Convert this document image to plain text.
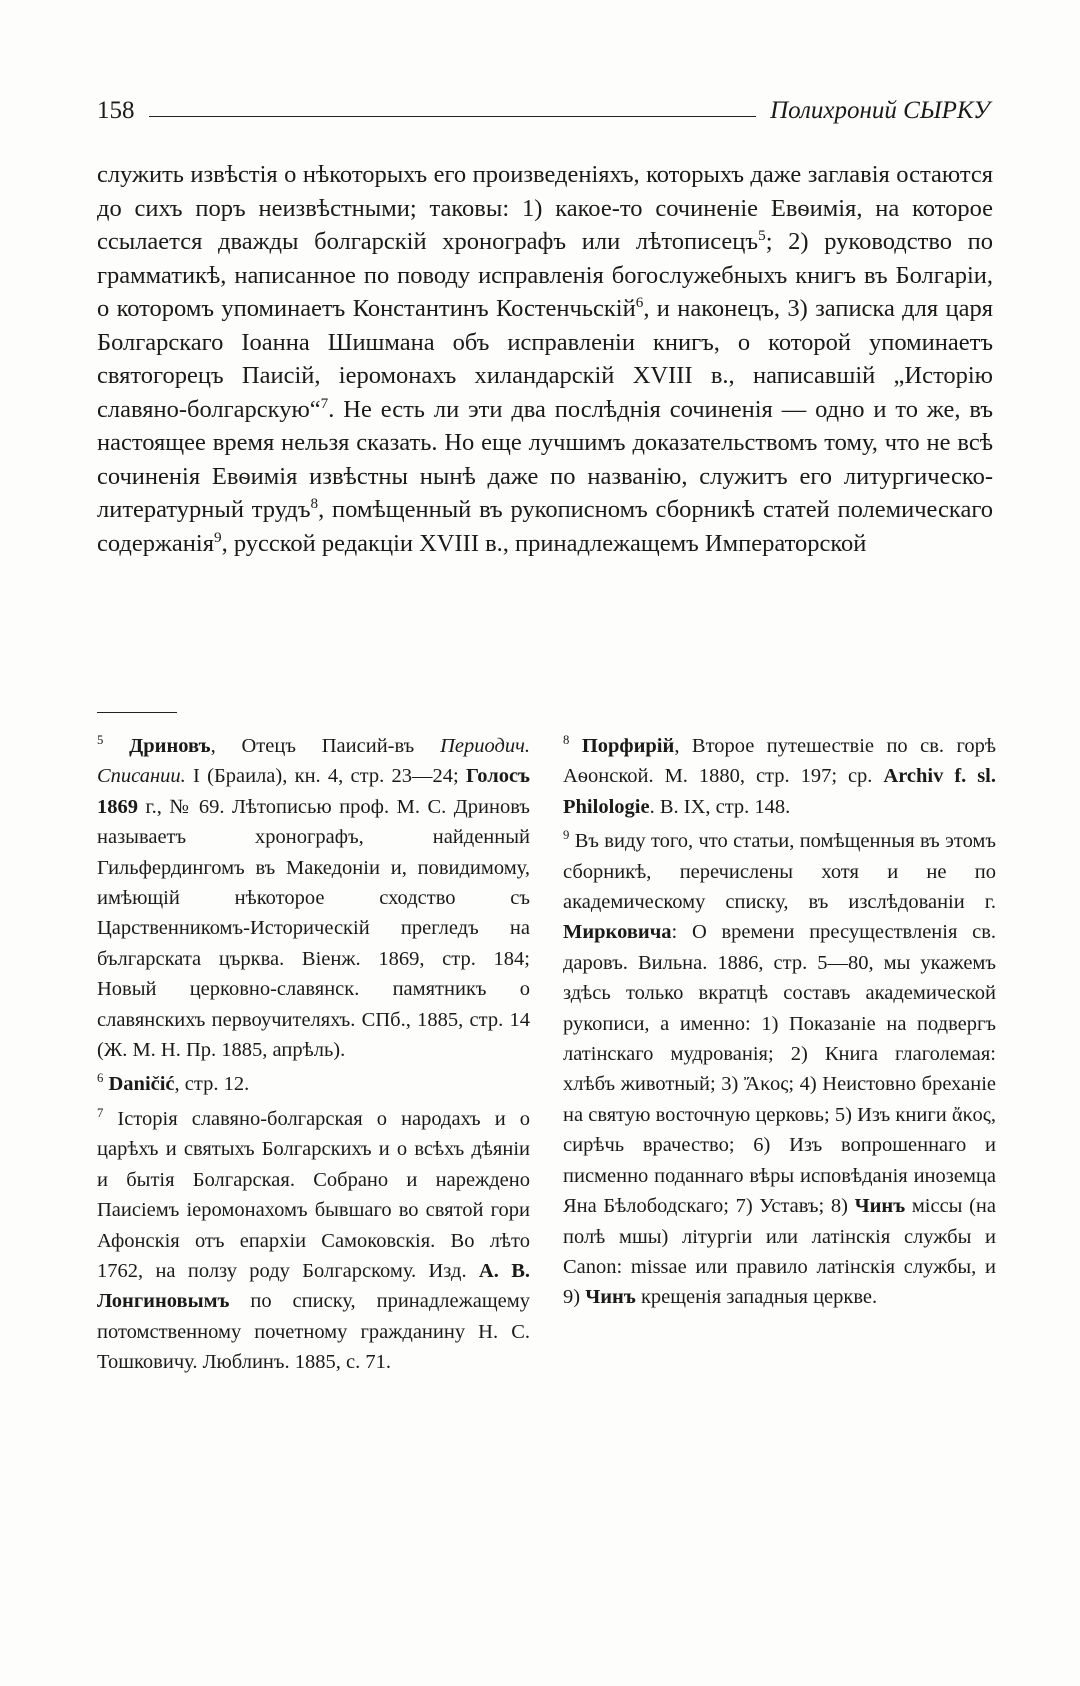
158	Полихроний СЫРКУ

служить извѣстія о нѣкоторыхъ его произведеніяхъ, которыхъ даже заглавія остаются до сихъ поръ неизвѣстными; таковы: 1) какое-то сочиненіе Евѳимія, на которое ссылается дважды болгарскій хронографъ или лѣтописецъ$^5$; 2) руководство по грамматикѣ, написанное по поводу исправленія богослужебныхъ книгъ въ Болгаріи, о которомъ упоминаетъ Константинъ Костенчьскій$^6$, и наконецъ, 3) записка для царя Болгарскаго Іоанна Шишмана объ исправленіи книгъ, о которой упоминаетъ святогорецъ Паисій, іеромонахъ хиландарскій XVIII в., написавшій „Исторію славяно-болгарскую“$^7$. Не есть ли эти два послѣднія сочиненія — одно и то же, въ настоящее время нельзя сказать. Но еще лучшимъ доказательствомъ тому, что не всѣ сочиненія Евѳимія извѣстны нынѣ даже по названію, служитъ его литургическо-литературный трудъ$^8$, помѣщенный въ рукописномъ сборникѣ статей полемическаго содержанія$^9$, русской редакціи XVIII в., принадлежащемъ Императорской

$^5$ Дриновъ, Отецъ Паисий-въ Периодич. Списании. I (Браила), кн. 4, стр. 23—24; Голосъ 1869 г., № 69. Лѣтописью проф. М. С. Дриновъ называетъ хронографъ, найденный Гильфердингомъ въ Македоніи и, повидимому, имѣющій нѣкоторое сходство съ Царственникомъ-Историческій прегледъ на българската църква. Віенж. 1869, стр. 184; Новый церковно-славянск. памятникъ о славянскихъ первоучителяхъ. СПб., 1885, стр. 14 (Ж. М. Н. Пр. 1885, апрѣль).

$^6$ Daničić, стр. 12.

$^7$ Історія славяно-болгарская о народахъ и о царѣхъ и святыхъ Болгарскихъ и о всѣхъ дѣяніи и бытія Болгарская. Собрано и нареждено Паисіемъ іеромонахомъ бывшаго во святой гори Афонскія отъ епархіи Самоковскія. Во лѣто 1762, на ползу роду Болгарскому. Изд. А. В. Лонгиновымъ по списку, принадлежащему потомственному почетному гражданину Н. С. Тошковичу. Люблинъ. 1885, с. 71.

$^8$ Порфирій, Второе путешествіе по св. горѣ Аѳонской. М. 1880, стр. 197; ср. Archiv f. sl. Philologie. В. IX, стр. 148.

$^9$ Въ виду того, что статьи, помѣщенныя въ этомъ сборникѣ, перечислены хотя и не по академическому списку, въ изслѣдованіи г. Мирковича: О времени пресуществленія св. даровъ. Вильна. 1886, стр. 5—80, мы укажемъ здѣсь только вкратцѣ составъ академической рукописи, а именно: 1) Показаніе на подвергъ латінскаго мудрованія; 2) Книга глаголемая: хлѣбъ животный; 3) Ἄκος; 4) Неистовно бреханіе на святую восточную церковь; 5) Изъ книги ἄκος, сирѣчь врачество; 6) Изъ вопрошеннаго и писменно поданнаго вѣры исповѣданія иноземца Яна Бѣлободскаго; 7) Уставъ; 8) Чинъ міссы (на полѣ мшы) літургіи или латінскія службы и Canon: missae или правило латінскія службы, и 9) Чинъ крещенія западныя церкве.
